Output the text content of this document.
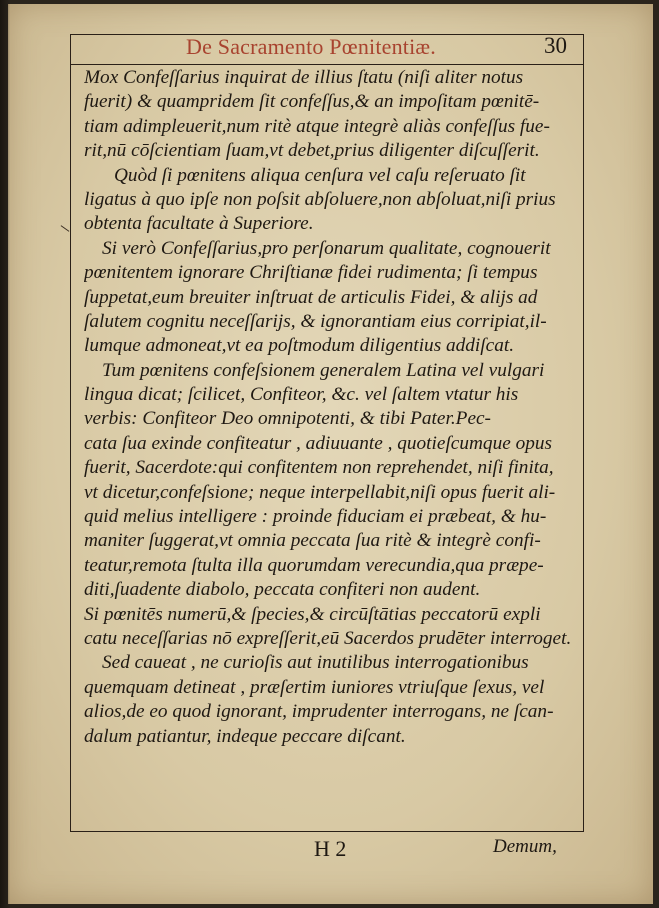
De Sacramento Pœnitentiæ.	30
Mox Confeſſarius inquirat de illius ſtatu (niſi aliter notus
fuerit) & quampridem ſit confeſſus,& an impoſitam pœnitē-
tiam adimpleuerit,num ritè atque integrè aliàs confeſſus fue-
rit,nū cōſcientiam ſuam,vt debet,prius diligenter diſcuſſerit.
Quòd ſi pœnitens aliqua cenſura vel caſu reſeruato ſit
ligatus à quo ipſe non poſsit abſoluere,non abſoluat,niſi prius
obtenta facultate à Superiore.
Si verò Confeſſarius,pro perſonarum qualitate, cognouerit
pœnitentem ignorare Chriſtianæ fidei rudimenta; ſi tempus
ſuppetat,eum breuiter inſtruat de articulis Fidei, & alijs ad
ſalutem cognitu neceſſarijs, & ignorantiam eius corripiat,il-
lumque admoneat,vt ea poſtmodum diligentius addiſcat.
Tum pœnitens confeſsionem generalem Latina vel vulgari
lingua dicat; ſcilicet, Confiteor, &c. vel ſaltem vtatur his
verbis: Confiteor Deo omnipotenti, & tibi Pater.Pec-
cata ſua exinde confiteatur , adiuuante , quotieſcumque opus
fuerit, Sacerdote:qui confitentem non reprehendet, niſi finita,
vt dicetur,confeſsione; neque interpellabit,niſi opus fuerit ali-
quid melius intelligere : proinde fiduciam ei præbeat, & hu-
maniter ſuggerat,vt omnia peccata ſua ritè & integrè confi-
teatur,remota ſtulta illa quorumdam verecundia,qua præpe-
diti,ſuadente diabolo, peccata confiteri non audent.
Si pœnitēs numerū,& ſpecies,& circūſtātias peccatorū expli
catu neceſſarias nō expreſſerit,eū Sacerdos prudēter interroget.
Sed caueat , ne curioſis aut inutilibus interrogationibus
quemquam detineat , præſertim iuniores vtriuſque ſexus, vel
alios,de eo quod ignorant, imprudenter interrogans, ne ſcan-
dalum patiantur, indeque peccare diſcant.
H 2	Demum,
